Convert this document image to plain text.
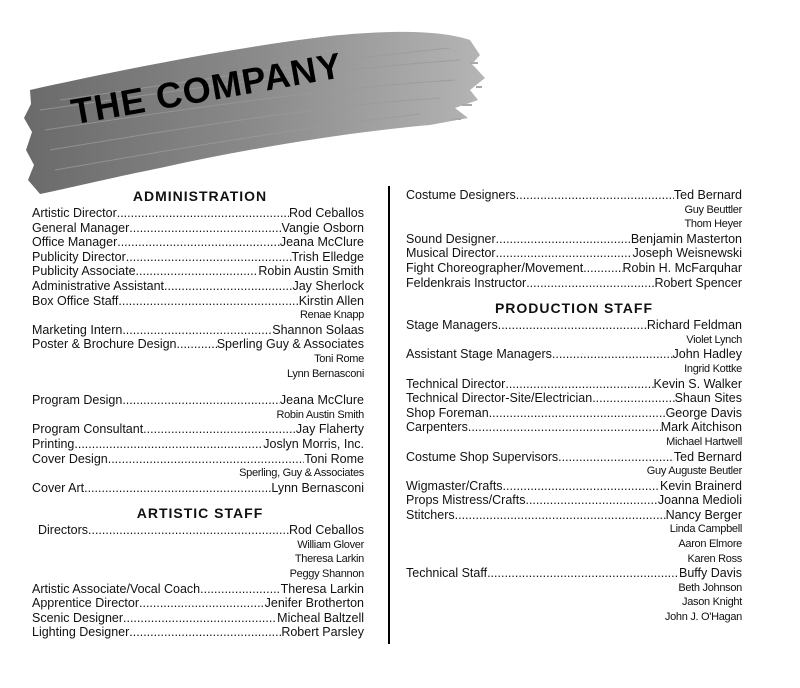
THE COMPANY
ADMINISTRATION
Artistic Director .....	Rod Ceballos
General Manager .....	Vangie Osborn
Office Manager .....	Jeana McClure
Publicity Director .....	Trish Elledge
Publicity Associate .....	Robin Austin Smith
Administrative Assistant .....	Jay Sherlock
Box Office Staff .....	Kirstin Allen
Renae Knapp
Marketing Intern .....	Shannon Solaas
Poster & Brochure Design .....	Sperling Guy & Associates
Toni Rome
Lynn Bernasconi
Program Design .....	Jeana McClure
Robin Austin Smith
Program Consultant .....	Jay Flaherty
Printing .....	Joslyn Morris, Inc.
Cover Design .....	Toni Rome
Sperling, Guy & Associates
Cover Art .....	Lynn Bernasconi
ARTISTIC STAFF
Directors .....	Rod Ceballos
William Glover
Theresa Larkin
Peggy Shannon
Artistic Associate/Vocal Coach .....	Theresa Larkin
Apprentice Director .....	Jenifer Brotherton
Scenic Designer .....	Micheal Baltzell
Lighting Designer .....	Robert Parsley
Costume Designers .....	Ted Bernard
Guy Beuttler
Thom Heyer
Sound Designer .....	Benjamin Masterton
Musical Director .....	Joseph Weisnewski
Fight Choreographer/Movement .....	Robin H. McFarquhar
Feldenkrais Instructor .....	Robert Spencer
PRODUCTION STAFF
Stage Managers .....	Richard Feldman
Violet Lynch
Assistant Stage Managers .....	John Hadley
Ingrid Kottke
Technical Director .....	Kevin S. Walker
Technical Director-Site/Electrician .....	Shaun Sites
Shop Foreman .....	George Davis
Carpenters .....	Mark Aitchison
Michael Hartwell
Costume Shop Supervisors .....	Ted Bernard
Guy Auguste Beutler
Wigmaster/Crafts .....	Kevin Brainerd
Props Mistress/Crafts .....	Joanna Medioli
Stitchers .....	Nancy Berger
Linda Campbell
Aaron Elmore
Karen Ross
Technical Staff .....	Buffy Davis
Beth Johnson
Jason Knight
John J. O'Hagan
